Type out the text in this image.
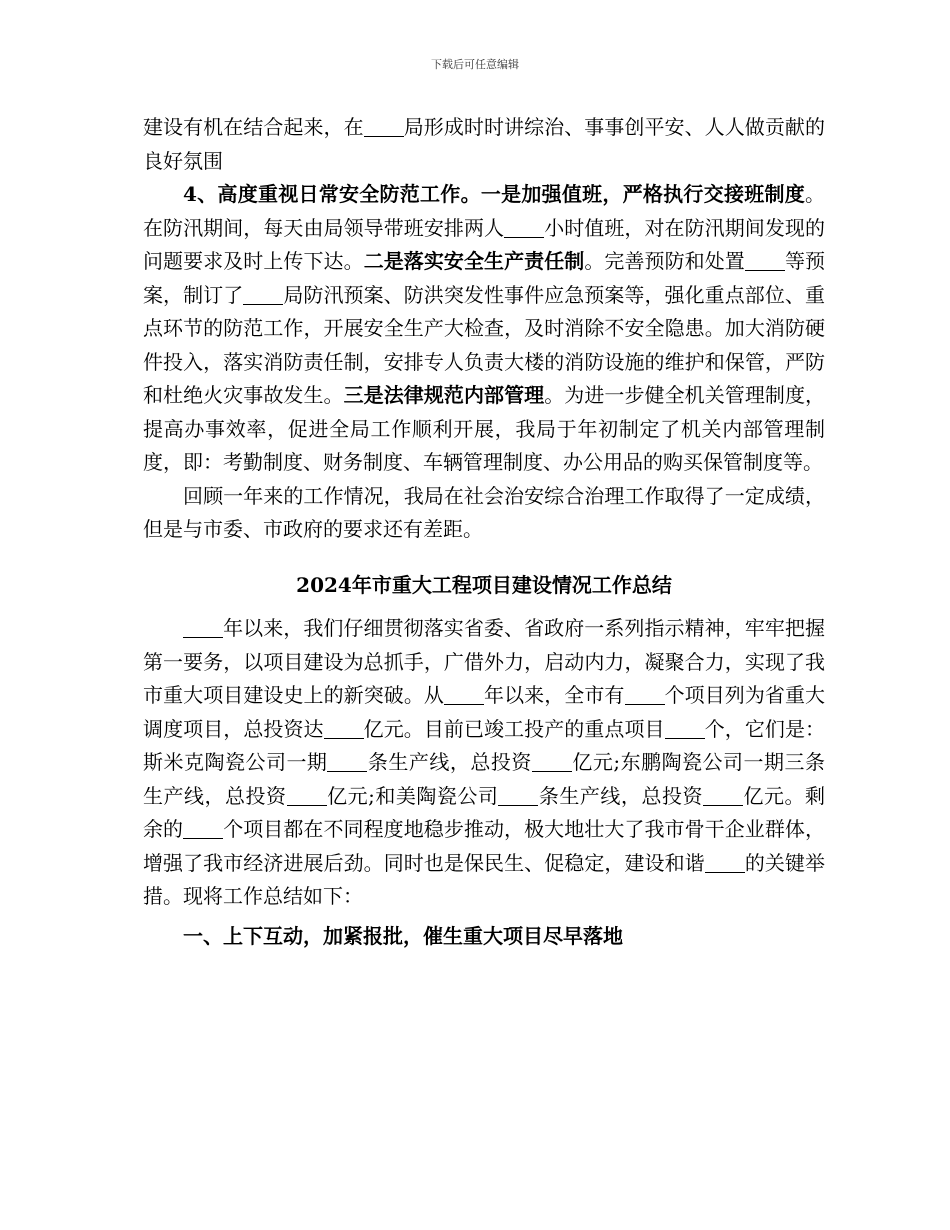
下载后可任意编辑

建设有机在结合起来，在 局形成时时讲综治、事事创平安、人人做贡献的良好氛围

4、高度重视日常安全防范工作。一是加强值班，严格执行交接班制度。在防汛期间，每天由局领导带班安排两人 小时值班，对在防汛期间发现的问题要求及时上传下达。二是落实安全生产责任制。完善预防和处置 等预案，制订了 局防汛预案、防洪突发性事件应急预案等，强化重点部位、重点环节的防范工作，开展安全生产大检查，及时消除不安全隐患。加大消防硬件投入，落实消防责任制，安排专人负责大楼的消防设施的维护和保管，严防和杜绝火灾事故发生。三是法律规范内部管理。为进一步健全机关管理制度，提高办事效率，促进全局工作顺利开展，我局于年初制定了机关内部管理制度，即：考勤制度、财务制度、车辆管理制度、办公用品的购买保管制度等。

回顾一年来的工作情况，我局在社会治安综合治理工作取得了一定成绩，但是与市委、市政府的要求还有差距。

2024年市重大工程项目建设情况工作总结

年以来，我们仔细贯彻落实省委、省政府一系列指示精神，牢牢把握第一要务，以项目建设为总抓手，广借外力，启动内力，凝聚合力，实现了我市重大项目建设史上的新突破。从 年以来，全市有 个项目列为省重大调度项目，总投资达 亿元。目前已竣工投产的重点项目 个，它们是：斯米克陶瓷公司一期 条生产线，总投资 亿元;东鹏陶瓷公司一期三条生产线，总投资 亿元;和美陶瓷公司 条生产线，总投资 亿元。剩余的 个项目都在不同程度地稳步推动，极大地壮大了我市骨干企业群体，增强了我市经济进展后劲。同时也是保民生、促稳定，建设和谐 的关键举措。现将工作总结如下：

一、上下互动，加紧报批，催生重大项目尽早落地
